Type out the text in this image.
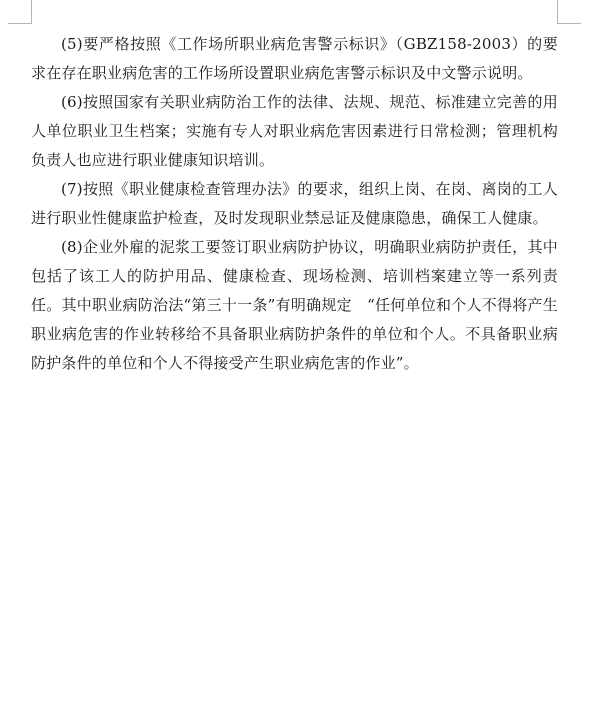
(5)要严格按照《工作场所职业病危害警示标识》（GBZ158-2003）的要求在存在职业病危害的工作场所设置职业病危害警示标识及中文警示说明。

(6)按照国家有关职业病防治工作的法律、法规、规范、标准建立完善的用人单位职业卫生档案；实施有专人对职业病危害因素进行日常检测；管理机构负责人也应进行职业健康知识培训。

(7)按照《职业健康检查管理办法》的要求，组织上岗、在岗、离岗的工人进行职业性健康监护检查，及时发现职业禁忌证及健康隐患，确保工人健康。

(8)企业外雇的泥浆工要签订职业病防护协议，明确职业病防护责任，其中包括了该工人的防护用品、健康检查、现场检测、培训档案建立等一系列责任。其中职业病防治法“第三十一条”有明确规定　“任何单位和个人不得将产生职业病危害的作业转移给不具备职业病防护条件的单位和个人。不具备职业病防护条件的单位和个人不得接受产生职业病危害的作业”。
